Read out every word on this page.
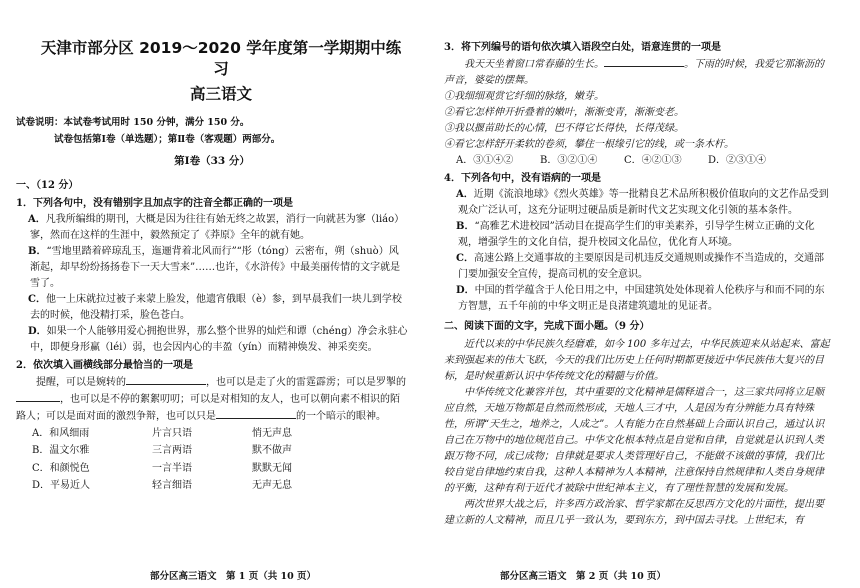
天津市部分区 2019～2020 学年度第一学期期中练习
高三语文
试卷说明：本试卷考试用时 150 分钟，满分 150 分。
试卷包括第Ⅰ卷（单选题）；第Ⅱ卷（客观题）两部分。
第Ⅰ卷（33 分）
一、（12 分）
1．下列各句中，没有错别字且加点字的注音全都正确的一项是
A．凡我所编缉的期刊，大概是因为往往有始无终之故罢，消行一向就甚为寥（liáo）寥，然而在这样的生涯中，毅然预定了《莽原》全年的就有她。
B．“雪地里踏着碎琼乱玉，迤逦背着北风而行”“彤（tóng）云密布，朔（shuò）风渐起，却早纷纷扬扬卷下一天大雪来”……也许，《水浒传》中最美丽传情的文字就是雪了。
C．他一上床就拉过被子来蒙上脸发，他遗宵俄眼（è）参，到早晨我们一块儿到学校去的时候，他没精打采，脸色苍白。
D．如果一个人能够用爱心拥抱世界，那么整个世界的灿烂和谭（chéng）净会永驻心中，即便身形赢（léi）弱，也会因内心的丰盈（yín）而精神焕发、神采奕奕。
2．依次填入画横线部分最恰当的一项是
提醒，可以是婉转的	，也可以是走了火的雷霆霹雳；可以是罗掣的，也可以是不停的絮絮叨叨；可以是对相知的友人，也可以朝向素不相识的陌路人；可以是面对面的激烈争辩，也可以只是	的一个暗示的眼神。
A．和风细雨	片言只语	悄无声息
B．温文尔雅	三言两语	默不做声
C．和颜悦色	一言半语	默默无闻
D．平易近人	轻言细语	无声无息
部分区高三语文　第 1 页（共 10 页）
3．将下列编号的语句依次填入语段空白处，语意连贯的一项是
我天天坐着窗口常春藤的生长。	。下雨的时候，我爱它那渐沥的声音，婆娑的摆舞。
①我细细观赏它纤细的脉络，嫩芽。
②看它怎样伸开折叠着的嫩叶，渐渐变青，渐渐变老。
③我以揠苗助长的心情，巴不得它长得快，长得茂绿。
④看它怎样舒开柔软的卷须，攀住一根缘引它的线，或一条木杆。
A．③①④②	B．③②①④	C．④②①③	D．②③①④
4．下列各句中，没有语病的一项是
A．近期《流浪地球》《烈火英雄》等一批精良艺术品所积极价值取向的文艺作品受到观众广泛认可，这充分证明过硬品质是新时代文艺实现文化引领的基本条件。
B．“高雅艺术进校园”活动目在提高学生们的审美素养，引导学生树立正确的文化观，增强学生的文化自信，提升校园文化品位，优化育人环境。
C．高速公路上交通事故的主要原因是司机违反交通规则或操作不当造成的，交通部门要加强安全宣传，提高司机的安全意识。
D．中国的哲学蕴含于人伦日用之中，中国建筑处处体现着人伦秩序与和而不同的东方智慧，五千年前的中华文明正是良渚建筑遗址的见证者。
二、阅读下面的文字，完成下面小题。（9 分）
近代以来的中华民族久经磨难，如今 100 多年过去，中华民族迎来从站起来、富起来到强起来的伟大飞跃，今天的我们比历史上任何时期都更接近中华民族伟大复兴的目标，是时候重新认识中华传统文化的精髓与价值。
中华传统文化兼容并包，其中重要的文化精神是儒释道合一，这三家共同将立足顺应自然，天地万物都是自然而然形成，天地人三才中，人是因为有分辨能力具有特殊性，所谓“天生之，地养之，人成之”。人有能力在自然基础上合面认识自己，通过认识自己在万物中的地位规范自己。中华文化根本特点是自觉和自律，自觉就是认识到人类跟万物不同，成已成物；自律就是要求人类管理好自己，不能做不该做的事情，我们比较自觉自律地约束自我，这种人本精神为人本精神，注意保持自然规律和人类自身规律的平衡，这种有利于近代才被除中世纪神本主义，有了理性智慧的发展和发展。
两次世界大战之后，许多西方政治家、哲学家都在反思西方文化的片面性，提出要建立新的人文精神，而且几乎一致认为，要到东方，到中国去寻找。上世纪末，有
部分区高三语文　第 2 页（共 10 页）
